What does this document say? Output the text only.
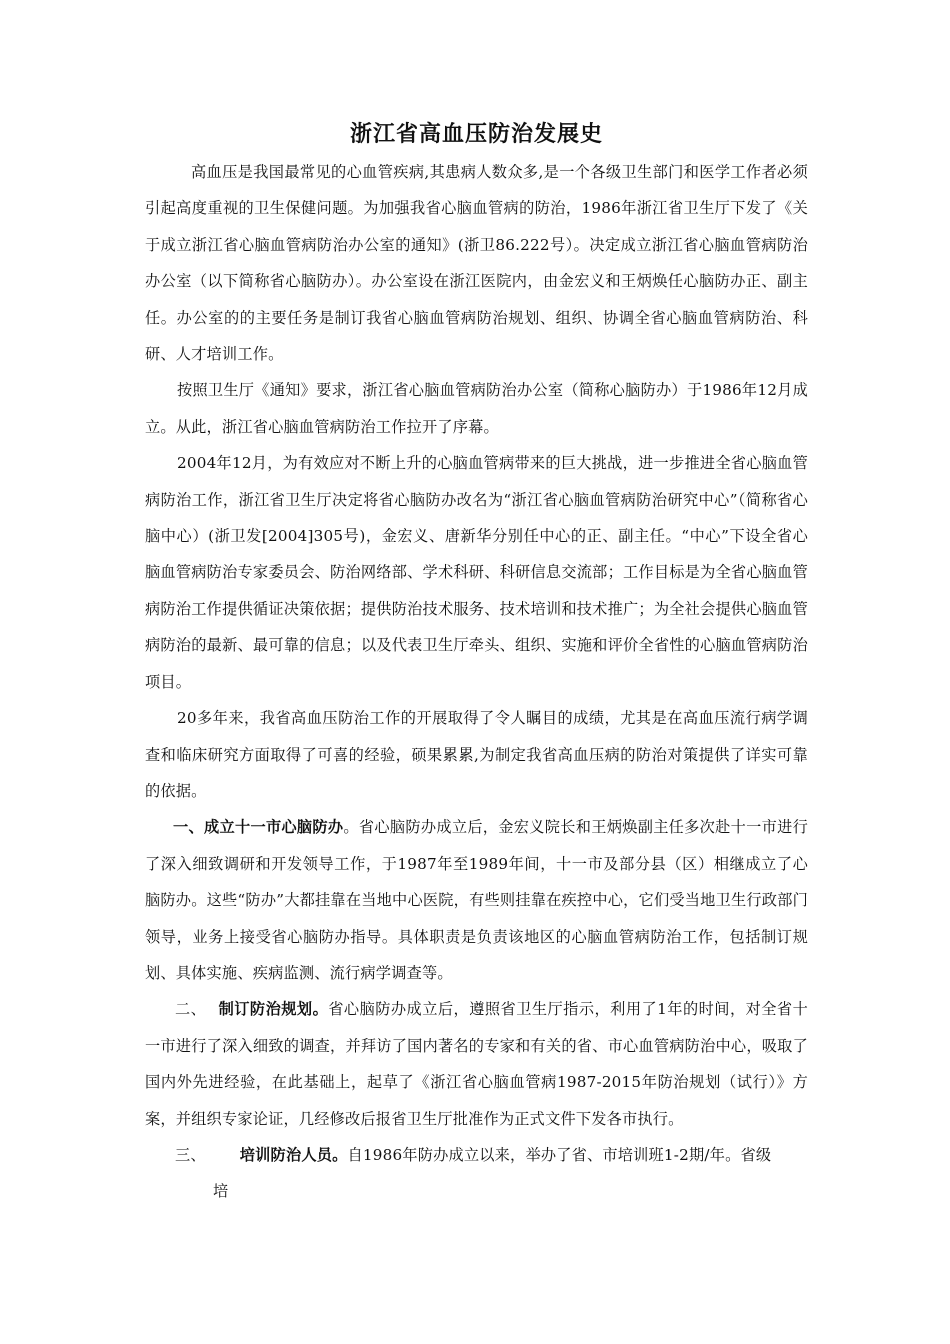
浙江省高血压防治发展史

高血压是我国最常见的心血管疾病,其患病人数众多,是一个各级卫生部门和医学工作者必须引起高度重视的卫生保健问题。为加强我省心脑血管病的防治，1986年浙江省卫生厅下发了《关于成立浙江省心脑血管病防治办公室的通知》(浙卫86.222号）。决定成立浙江省心脑血管病防治办公室（以下简称省心脑防办）。办公室设在浙江医院内，由金宏义和王炳焕任心脑防办正、副主任。办公室的的主要任务是制订我省心脑血管病防治规划、组织、协调全省心脑血管病防治、科研、人才培训工作。

按照卫生厅《通知》要求，浙江省心脑血管病防治办公室（简称心脑防办）于1986年12月成立。从此，浙江省心脑血管病防治工作拉开了序幕。

2004年12月，为有效应对不断上升的心脑血管病带来的巨大挑战，进一步推进全省心脑血管病防治工作，浙江省卫生厅决定将省心脑防办改名为“浙江省心脑血管病防治研究中心”（简称省心脑中心）(浙卫发[2004]305号)，金宏义、唐新华分别任中心的正、副主任。“中心”下设全省心脑血管病防治专家委员会、防治网络部、学术科研、科研信息交流部；工作目标是为全省心脑血管病防治工作提供循证决策依据；提供防治技术服务、技术培训和技术推广；为全社会提供心脑血管病防治的最新、最可靠的信息；以及代表卫生厅牵头、组织、实施和评价全省性的心脑血管病防治项目。

20多年来，我省高血压防治工作的开展取得了令人瞩目的成绩，尤其是在高血压流行病学调查和临床研究方面取得了可喜的经验，硕果累累,为制定我省高血压病的防治对策提供了详实可靠的依据。

一、成立十一市心脑防办。省心脑防办成立后，金宏义院长和王炳焕副主任多次赴十一市进行了深入细致调研和开发领导工作，于1987年至1989年间，十一市及部分县（区）相继成立了心脑防办。这些“防办”大都挂靠在当地中心医院，有些则挂靠在疾控中心，它们受当地卫生行政部门领导，业务上接受省心脑防办指导。具体职责是负责该地区的心脑血管病防治工作，包括制订规划、具体实施、疾病监测、流行病学调查等。

二、 制订防治规划。省心脑防办成立后，遵照省卫生厅指示，利用了1年的时间，对全省十一市进行了深入细致的调查，并拜访了国内著名的专家和有关的省、市心血管病防治中心，吸取了国内外先进经验，在此基础上，起草了《浙江省心脑血管病1987-2015年防治规划（试行）》方案，并组织专家论证，几经修改后报省卫生厅批准作为正式文件下发各市执行。

三、 培训防治人员。自1986年防办成立以来，举办了省、市培训班1-2期/年。省级

培
